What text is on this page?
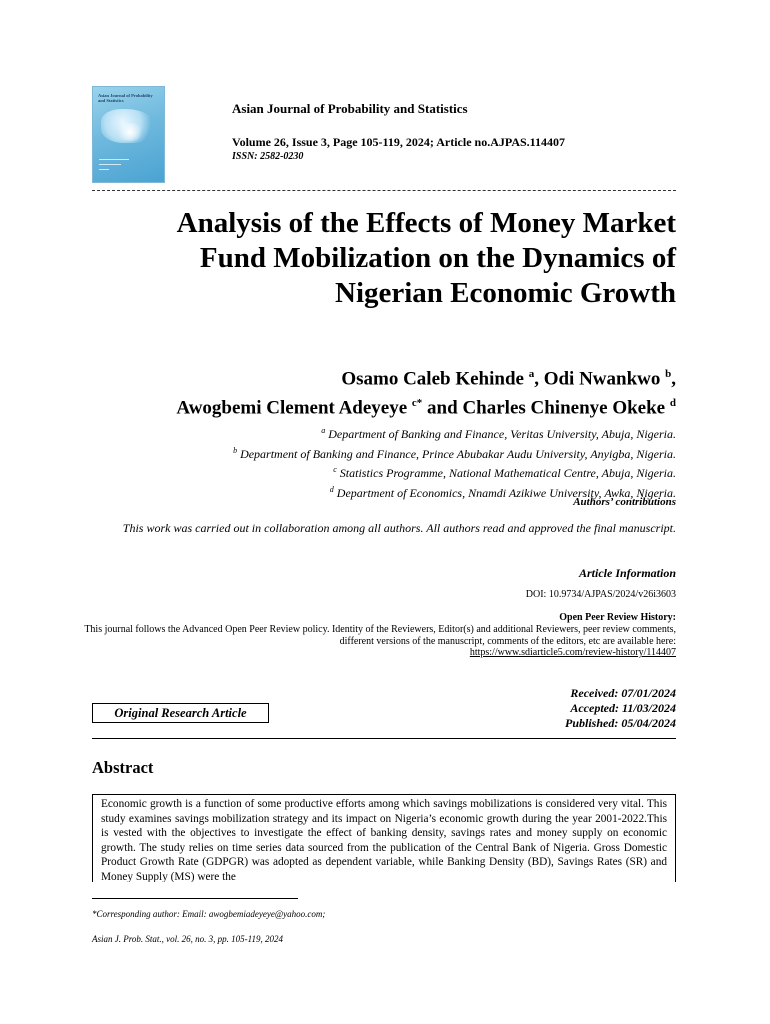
Asian Journal of Probability and Statistics
Asian Journal of Probability and Statistics
Volume 26, Issue 3, Page 105-119, 2024; Article no.AJPAS.114407
ISSN: 2582-0230
Analysis of the Effects of Money Market Fund Mobilization on the Dynamics of Nigerian Economic Growth
Osamo Caleb Kehinde $^a$, Odi Nwankwo $^b$,
Awogbemi Clement Adeyeye $^{c*}$ and Charles Chinenye Okeke $^d$
$^a$ Department of Banking and Finance, Veritas University, Abuja, Nigeria.
$^b$ Department of Banking and Finance, Prince Abubakar Audu University, Anyigba, Nigeria.
$^c$ Statistics Programme, National Mathematical Centre, Abuja, Nigeria.
$^d$ Department of Economics, Nnamdi Azikiwe University, Awka, Nigeria.
Authors’ contributions
This work was carried out in collaboration among all authors. All authors read and approved the final manuscript.
Article Information
DOI: 10.9734/AJPAS/2024/v26i3603
Open Peer Review History:
This journal follows the Advanced Open Peer Review policy. Identity of the Reviewers, Editor(s) and additional Reviewers, peer review comments, different versions of the manuscript, comments of the editors, etc are available here:
https://www.sdiarticle5.com/review-history/114407
Received: 07/01/2024
Accepted: 11/03/2024
Published: 05/04/2024
Original Research Article
Abstract
Economic growth is a function of some productive efforts among which savings mobilizations is considered very vital. This study examines savings mobilization strategy and its impact on Nigeria’s economic growth during the year 2001-2022.This is vested with the objectives to investigate the effect of banking density, savings rates and money supply on economic growth. The study relies on time series data sourced from the publication of the Central Bank of Nigeria. Gross Domestic Product Growth Rate (GDPGR) was adopted as dependent variable, while Banking Density (BD), Savings Rates (SR) and Money Supply (MS) were the
*Corresponding author: Email: awogbemiadeyeye@yahoo.com;
Asian J. Prob. Stat., vol. 26, no. 3, pp. 105-119, 2024
